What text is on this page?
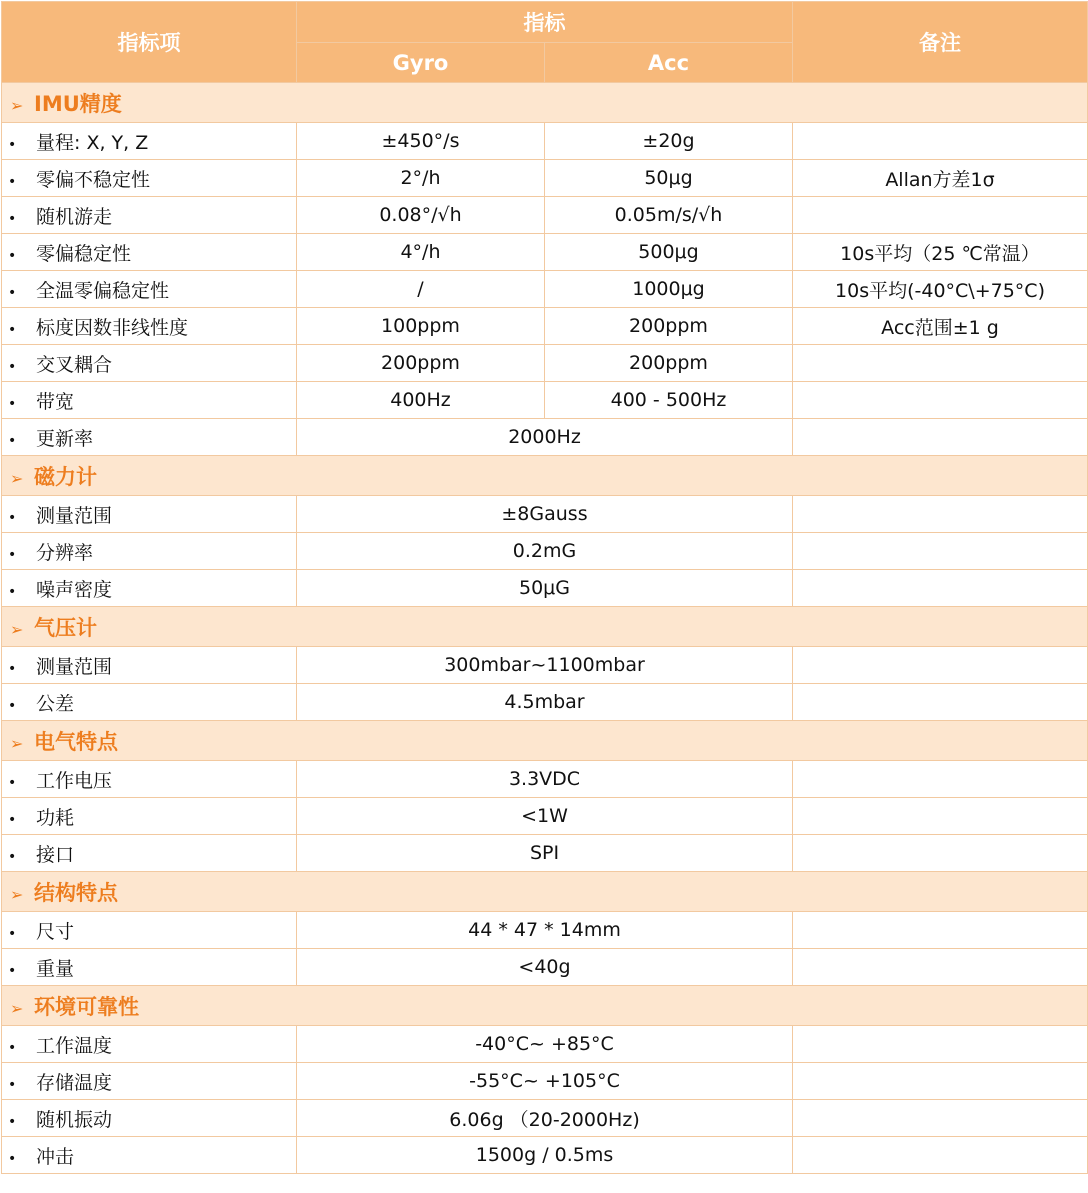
指标项	指标		备注
	Gyro	Acc	
➢ IMU精度			
• 量程: X, Y, Z	±450°/s	±20g	
• 零偏不稳定性	2°/h	50μg	Allan方差1σ
• 随机游走	0.08°/√h	0.05m/s/√h	
• 零偏稳定性	4°/h	500μg	10s平均（25 ℃常温）
• 全温零偏稳定性	/	1000μg	10s平均(-40°C\+75°C)
• 标度因数非线性度	100ppm	200ppm	Acc范围±1 g
• 交叉耦合	200ppm	200ppm	
• 带宽	400Hz	400 - 500Hz	
• 更新率	2000Hz		
➢ 磁力计			
• 测量范围	±8Gauss		
• 分辨率	0.2mG		
• 噪声密度	50μG		
➢ 气压计			
• 测量范围	300mbar~1100mbar		
• 公差	4.5mbar		
➢ 电气特点			
• 工作电压	3.3VDC		
• 功耗	<1W		
• 接口	SPI		
➢ 结构特点			
• 尺寸	44 * 47 * 14mm		
• 重量	<40g		
➢ 环境可靠性			
• 工作温度	-40°C~ +85°C		
• 存储温度	-55°C~ +105°C		
• 随机振动	6.06g （20-2000Hz)		
• 冲击	1500g / 0.5ms		
